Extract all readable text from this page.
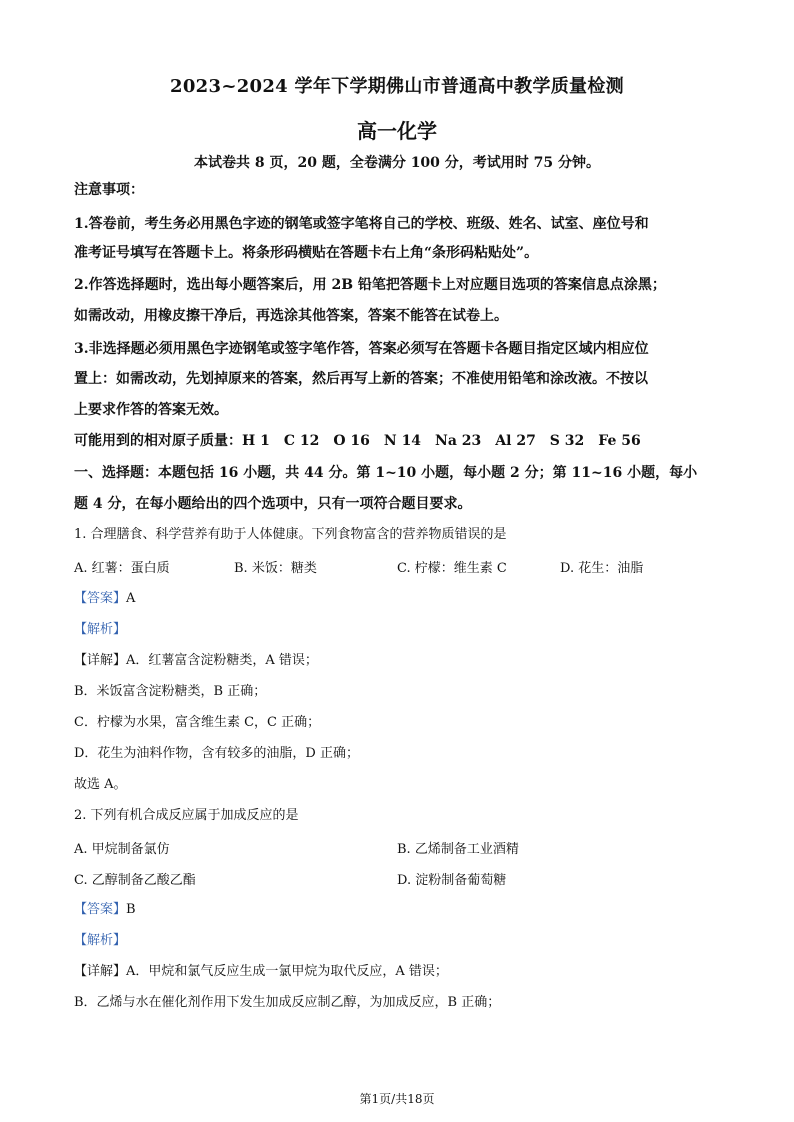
2023~2024 学年下学期佛山市普通高中教学质量检测
高一化学
本试卷共 8 页，20 题，全卷满分 100 分，考试用时 75 分钟。
注意事项：
1.答卷前，考生务必用黑色字迹的钢笔或签字笔将自己的学校、班级、姓名、试室、座位号和
准考证号填写在答题卡上。将条形码横贴在答题卡右上角“条形码粘贴处”。
2.作答选择题时，选出每小题答案后，用 2B 铅笔把答题卡上对应题目选项的答案信息点涂黑；
如需改动，用橡皮擦干净后，再选涂其他答案，答案不能答在试卷上。
3.非选择题必须用黑色字迹钢笔或签字笔作答，答案必须写在答题卡各题目指定区域内相应位
置上：如需改动，先划掉原来的答案，然后再写上新的答案；不准使用铅笔和涂改液。不按以
上要求作答的答案无效。
可能用到的相对原子质量：H 1　C 12　O 16　N 14　Na 23　Al 27　S 32　Fe 56
一、选择题：本题包括 16 小题，共 44 分。第 1~10 小题，每小题 2 分；第 11~16 小题，每小
题 4 分，在每小题给出的四个选项中，只有一项符合题目要求。
1. 合理膳食、科学营养有助于人体健康。下列食物富含的营养物质错误的是
A. 红薯：蛋白质	B. 米饭：糖类	C. 柠檬：维生素 C	D. 花生：油脂
【答案】A
【解析】
【详解】A．红薯富含淀粉糖类，A 错误；
B．米饭富含淀粉糖类，B 正确；
C．柠檬为水果，富含维生素 C，C 正确；
D．花生为油料作物，含有较多的油脂，D 正确；
故选 A。
2. 下列有机合成反应属于加成反应的是
A. 甲烷制备氯仿	B. 乙烯制备工业酒精
C. 乙醇制备乙酸乙酯	D. 淀粉制备葡萄糖
【答案】B
【解析】
【详解】A．甲烷和氯气反应生成一氯甲烷为取代反应，A 错误；
B．乙烯与水在催化剂作用下发生加成反应制乙醇，为加成反应，B 正确；
第1页/共18页
